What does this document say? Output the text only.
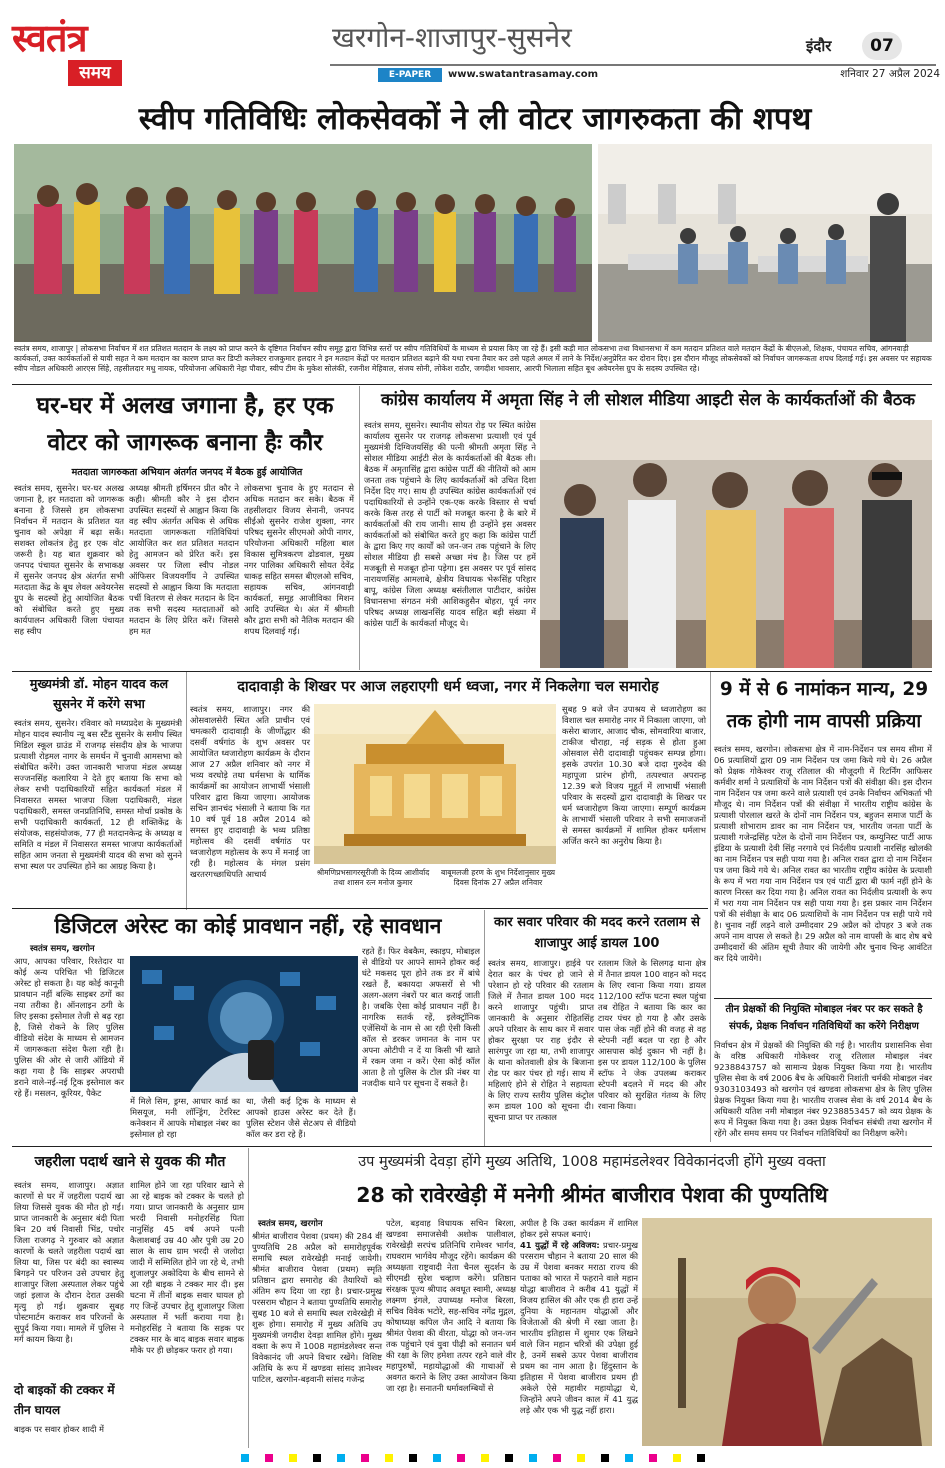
स्वतंत्र
समय
खरगोन-शाजापुर-सुसनेर
E-PAPER	www.swatantrasamay.com
इंदौर	07
शनिवार 27 अप्रैल 2024
स्वीप गतिविधिः लोकसेवकों ने ली वोटर जागरुकता की शपथ
स्वतंत्र समय, शाजापुर | लोकसभा निर्वाचन में शत प्रतिशत मतदान के लक्ष्य को प्राप्त करने के दृष्टिगत निर्वाचन स्वीप समूह द्वारा विभिन्न स्तरों पर स्वीप गतिविधियों के माध्यम से प्रयास किए जा रहे हैं। इसी कड़ी मात लोकसभा तथा विधानसभा में कम मतदान प्रतिशत वाले मतदान केंद्रों के बीएलओ, शिक्षक, पंचायत सचिव, आंगनवाड़ी कार्यकर्ता, उक्त कार्यकर्ताओं से यावी सहत ने कम मतदान का कारण प्राप्त कर डिप्टी कलेक्टर राजकुमार हलदार ने इन मतदान केंद्रों पर मतदान प्रतिशत बढ़ाने की यथा रचना तैयार कर उसे पहले अमल में लाने के निर्देश/अनुप्रेरित कर दोरान दिए। इस दौरान मौजूद लोकसेवकों को निर्वाचन जागरूकता शपथ दिलाई गई। इस अवसर पर सहायक स्वीप नोडल अधिकारी आरएस सिंहे, तहसीलदार मधु नायक, परियोजना अधिकारी नेहा पौवार, स्वीप टीम के मुकेश सोलंकी, रजनीश मेहिवाल, संजय सोनी, लोकेश राठौर, जगदीश भावसार, आरपी भिलाला सहित बूथ अवेयरनेस ग्रुप के सदस्य उपस्थित रहे।
घर-घर में अलख जगाना है, हर एक वोटर को जागरूक बनाना हैः कौर
मतदाता जागरुकता अभियान अंतर्गत जनपद में बैठक हुई आयोजित
स्वतंत्र समय, सुसनेर। घर-घर अलख जगाना है, हर मतदाता को जागरूक बनाना है जिससे हम लोकसभा निर्वाचन में मतदान के प्रतिशत यत चुनाव को अपेक्षा में बढ़ा सकें। सशक्त लोकतंत्र हेतु हर एक वोट जरूरी है। यह बात शुक्रवार को जनपद पंचायत सुसनेर के सभाकक्ष में सुसनेर जनपद क्षेत्र अंतर्गत सभी मतदाता केंद्र के बूथ लेवल अवेयरनेस ग्रुप के सदस्यों हेतु आयोजित बैठक को संबोधित करते हुए मुख्य कार्यपालन अधिकारी जिला पंचायत सह स्वीप
अध्यक्ष श्रीमती हर्षिमरन प्रीत कौर ने कही। श्रीमती कौर ने इस दौरान उपस्थित सदस्यों से आह्वान किया कि वह स्वीप अंतर्गत अधिक से अधिक मतदाता जागरूकता गतिविधियां आयोजित कर शत प्रतिशत मतदान हेतु आमजन को प्रेरित करें। इस अवसर पर जिला स्वीप नोडल ऑफिसर विजयवर्गीय ने उपस्थित सदस्यों से आह्वान किया कि मतदाता पर्ची वितरण से लेकर मतदान के दिन तक सभी सदस्य मतदाताओं को मतदान के लिए प्रेरित करें। जिससे हम मत
लोकसभा चुनाव के हुए मतदान से अधिक मतदान कर सके। बैठक में तहसीलदार विजय सेनानी, जनपद सीईओ सुसनेर राजेश शुक्ला, नगर परिषद सुसनेर सीएमओ ओपी नागर, परियोजना अधिकारी महिला बाल विकास सुमित्रकरण ढोडवाल, मुख्य नगर पालिका अधिकारी सोयत देवेंद्र धाकड़ सहित समस्त बीएलओ सचिव, सहायक सचिव, आंगनवाड़ी कार्यकर्ता, समूह आजीविका मिशन आदि उपस्थित थे। अंत में श्रीमती कौर द्वारा सभी को नैतिक मतदान की शपथ दिलवाई गई।
कांग्रेस कार्यालय में अमृता सिंह ने ली सोशल मीडिया आइटी सेल के कार्यकर्ताओं की बैठक
स्वतंत्र समय, सुसनेर। स्थानीय सोयत रोड़ पर स्थित कांग्रेस कार्यालय सुसनेर पर राजगढ़ लोकसभा प्रत्याशी एवं पूर्व मुख्यमंत्री दिग्विजयसिंह की पत्नी श्रीमती अमृता सिंह ने सोशल मीडिया आईटी सेल के कार्यकर्ताओं की बैठक ली। बैठक में अमृतासिंह द्वारा कांग्रेस पार्टी की नीतियों को आम जनता तक पहुंचाने के लिए कार्यकर्ताओं को उचित दिशा निर्देश दिए गए। साथ ही उपस्थित कांग्रेस कार्यकर्ताओं एवं पदाधिकारियों से उन्होंने एक-एक करके विस्तार से चर्चा करके किस तरह से पार्टी को मजबूत करना है के बारे में कार्यकर्ताओं की राय जानी। साथ ही उन्होंने इस अवसर कार्यकर्ताओं को संबोधित करते हुए कहा कि कांग्रेस पार्टी के द्वारा किए गए कार्यों को जन-जन तक पहुंचाने के लिए सोशल मीडिया ही सबसे अच्छा मंच है। जिस पर हमें मजबूती से मजबूत होना पड़ेगा। इस अवसर पर पूर्व सांसद नारायणसिंह आमलाबे, क्षेत्रीय विधायक भेरूसिंह परिहार बापू, कांग्रेस जिला अध्यक्ष बसंतीलाल पाटीदार, कांग्रेस विधानसभा संगठन मंत्री आशिकहुसैन बोहरा, पूर्व नगर परिषद अध्यक्ष लाखनसिंह यादव सहित बड़ी संख्या में कांग्रेस पार्टी के कार्यकर्ता मौजूद थे।
मुख्यमंत्री डॉ. मोहन यादव कल सुसनेर में करेंगे सभा
स्वतंत्र समय, सुसनेर। रविवार को मध्यप्रदेश के मुख्यमंत्री मोहन यादव स्थानीय न्यू बस स्टैंड सुसनेर के समीप स्थित मिडिल स्कूल ग्राउंड में राजगढ़ संसदीय क्षेत्र के भाजपा प्रत्याशी रोड़मल नागर के समर्थन में चुनावी आमसभा को संबोधित करेंगे। उक्त जानकारी भाजपा मंडल अध्यक्ष सज्जनसिंह कलारिया ने देते हुए बताया कि सभा को लेकर सभी पदाधिकारियों सहित कार्यकर्ता मंडल में निवासरत समस्त भाजपा जिला पदाधिकारी, मंडल पदाधिकारी, समस्त जनप्रतिनिधि, समस्त मोर्चा प्रकोष्ठ के सभी पदाधिकारी कार्यकर्ता, 12 ही शक्तिकेंद्र के संयोजक, सहसंयोजक, 77 ही मतदानकेन्द्र के अध्यक्ष व समिति व मंडल में निवासरत समस्त भाजपा कार्यकर्ताओं सहित आम जनता से मुख्यमंत्री यादव की सभा को सुनने सभा स्थल पर उपस्थित होने का आग्रह किया है।
दादावाड़ी के शिखर पर आज लहराएगी धर्म ध्वजा, नगर में निकलेगा चल समारोह
स्वतंत्र समय, शाजापुर। नगर की ओसवालसेरी स्थित अति प्राचीन एवं चमत्कारी दादावाड़ी के जीर्णोद्धार की दसवीं वर्षगांठ के शुभ अवसर पर आयोजित ध्वजारोहण कार्यक्रम के दौरान आज 27 अप्रैल शनिवार को नगर में भव्य वरघोड़े तथा धर्मसभा के धार्मिक कार्यक्रमों का आयोजन लाभार्थी भंसाली परिवार द्वारा किया जाएगा। आयोजक सचिन ज्ञानचंद भंसाली ने बताया कि गत 10 वर्ष पूर्व 18 अप्रैल 2014 को समस्त हुए दादावाड़ी के भव्य प्रतिष्ठा महोत्सव की दसवीं वर्षगांठ पर ध्वजारोहण महोत्सव के रूप में मनाई जा रही है। महोत्सव के मंगल प्रसंग खरतरगच्छाधिपति आचार्य	श्रीमणिप्रभसागरसूरीजी के दिव्य आशीर्वाद तथा शासन रत्न मनोज कुमार
बाबूमलजी हरण के शुभ निर्देशानुसार मुख्य दिवस दिनांक 27 अप्रैल शनिवार
सुबह 9 बजे जैन उपाश्रय से ध्वजारोहण का विशाल चल समारोह नगर में निकाला जाएगा, जो कसेरा बाजार, आजाद चौक, सोमवारिया बाजार, टाकीज चौराहा, नई सड़क से होता हुआ ओसवाल सेरी दादावाड़ी पहुंचकर सम्पन्न होगा। इसके उपरांत 10.30 बजे दादा गुरुदेव की महापूजा प्रारंभ होगी, तत्पश्चात अपरान्ह 12.39 बजे विजय मुहूर्त में लाभार्थी भंसाली परिवार के सदस्यों द्वारा दादावाड़ी के शिखर पर धर्म ध्वजारोहण किया जाएगा। सम्पूर्ण कार्यक्रम के लाभार्थी भंसाली परिवार ने सभी समाजजनों से समस्त कार्यक्रमों में शामिल होकर धर्मलाभ अर्जित करने का अनुरोध किया है।
9 में से 6 नामांकन मान्य, 29 तक होगी नाम वापसी प्रक्रिया
स्वतंत्र समय, खरगोन। लोकसभा क्षेत्र में नाम-निर्देशन पत्र समय सीमा में 06 प्रत्याशियों द्वारा 09 नाम निर्देशन पत्र जमा किये गये थे। 26 अप्रैल को प्रेक्षक गोकेश्वर राजू रतिलाल की मौजूदगी में रिटर्निंग आफिसर कर्मवीर शर्मा ने प्रत्याशियों के नाम निर्देशन पत्रों की संवीक्षा की। इस दौरान नाम निर्देशन पत्र जमा करने वाले प्रत्याशी एवं उनके निर्वाचन अभिकर्ता भी मौजूद थे। नाम निर्देशन पत्रों की संवीक्षा में भारतीय राष्ट्रीय कांग्रेस के प्रत्याशी पोरलाल खरते के दोनों नाम निर्देशन पत्र, बहुजन समाज पार्टी के प्रत्याशी शोभाराम डावर का नाम निर्देशन पत्र, भारतीय जनता पार्टी के प्रत्याशी गजेन्द्रसिंह पटेल के दोनों नाम निर्देशन पत्र, कम्युनिस्ट पार्टी आफ इंडिया के प्रत्याशी देवी सिंह नरगावे एवं निर्दलीय प्रत्याशी नारसिंह खोलकी का नाम निर्देशन पत्र सही पाया गया है। अनिल रावत द्वारा दो नाम निर्देशन पत्र जमा किये गये थे। अनिल रावत का भारतीय राष्ट्रीय कांग्रेस के प्रत्याशी के रूप में भरा गया नाम निर्देशन पत्र एवं पार्टी द्वारा बी फार्म नहीं होने के कारण निरस्त कर दिया गया है। अनिल रावत का निर्दलीय प्रत्याशी के रूप में भरा गया नाम निर्देशन पत्र सही पाया गया है। इस प्रकार नाम निर्देशन पत्रों की संवीक्षा के बाद 06 प्रत्याशियों के नाम निर्देशन पत्र सही पाये गये है। चुनाव नहीं लड़ने वाले उम्मीदवार 29 अप्रैल को दोपहर 3 बजे तक अपने नाम वापस ले सकते है। 29 अप्रैल को नाम वापसी के बाद शेष बचे उम्मीदवारों की अंतिम सूची तैयार की जायेगी और चुनाव चिन्ह आवंटित कर दिये जायेंगे।
तीन प्रेक्षकों की नियुक्ति मोबाइल नंबर पर कर सकते है संपर्क, प्रेक्षक निर्वाचन गतिविधियों का करेंगे निरीक्षण
निर्वाचन क्षेत्र में प्रेक्षकों की नियुक्ति की गई है। भारतीय प्रशासनिक सेवा के वरिष्ठ अधिकारी गोकेश्वर राजू रतिलाल मोबाइल नंबर 9238843757 को सामान्य प्रेक्षक नियुक्त किया गया है। भारतीय पुलिस सेवा के वर्ष 2006 बैच के अधिकारी निशांती चर्मकी मोबाइल नंबर 9303103493 को खरगोन एवं खण्डवा लोकसभा क्षेत्र के लिए पुलिस प्रेक्षक नियुक्त किया गया है। भारतीय राजस्व सेवा के वर्ष 2014 बैच के अधिकारी यतिश नमी मोबाइल नंबर 9238853457 को व्यय प्रेक्षक के रूप में नियुक्त किया गया है। उक्त प्रेक्षक निर्वाचन संबंधी तथा खरगोन में रहेंगे और समय समय पर निर्वाचन गतिविधियों का निरीक्षण करेंगे।
डिजिटल अरेस्ट का कोई प्रावधान नहीं, रहे सावधान
स्वतंत्र समय, खरगोन
आप, आपका परिवार, रिश्तेदार या कोई अन्य परिचित भी डिजिटल अरेस्ट हो सकता है। यह कोई कानूनी प्रावधान नहीं बल्कि साइबर ठगों का नया तरीका है। ऑनलाइन ठगी के लिए इसका इस्तेमाल तेजी से बढ़ रहा है, जिसे रोकने के लिए पुलिस वीडियो संदेश के माध्यम से आमजन में जागरूकता संदेश फैला रही है। पुलिस की ओर से जारी ऑडियो में कहा गया है कि साइबर अपराधी डराने वाले-नई-नई ट्रिक इस्तेमाल कर रहे हैं। मसलन, कूरियर, पैकेट
में मिले सिम, ड्रग्स, आधार कार्ड का मिसयूज, मनी लॉन्ड्रिंग, टेररिस्ट कनेक्शन में आपके मोबाइल नंबर का इस्तेमाल हो रहा
था, जैसी कई ट्रिक के माध्यम से आपको हाउस अरेस्ट कर देते हैं। पुलिस स्टेशन जैसे सेटअप से वीडियो कॉल कर डरा रहे हैं।
रहते हैं। फिर वेबकैम, स्काइप, मोबाइल से वीडियो पर आपने सामने होकर कई घंटे मकसद पूरा होने तक डर में बांधे रखते हैं, बकायदा अफसरों से भी अलग-अलग नंबरों पर बात कराई जाती है। जबकि ऐसा कोई प्रावधान नहीं है। नागरिक सतर्क रहें, इलेक्ट्रॉनिक एजेंसियों के नाम से आ रही ऐसी किसी कॉल से डरकर जमानत के नाम पर अपना ओटीपी न दें या किसी भी खाते में रकम जमा न करें। ऐसा कोई कॉल आता है तो पुलिस के टोल फ्री नंबर या नजदीक थाने पर सूचना दें सकते है।
कार सवार परिवार की मदद करने रतलाम से शाजापुर आई डायल 100
स्वतंत्र समय, शाजापुर। हाईवे पर देरात कार के पंचर हो जाने से परेशान हो रहे परिवार की रतलाम जिले में तैनात डायल 100 मदद करने शाजापुर पहुंची। प्राप्त जानकारी के अनुसार रोहितसिंह अपने परिवार के साथ कार में सवार होकर सुरक्षा पर राह इंदौर से सारंगपुर जा रहा था, तभी शाजापुर के थाना कोतवाली क्षेत्र के बिजाना रोड पर कार पंचर हो गई। साथ में महिलाएं होने से रोहित ने सहायता के लिए राज्य स्तरीय पुलिस कंट्रोल रूम डायल 100 को सूचना दी। सूचना प्राप्त पर तत्काल
रतलाम जिले के सिलगढ़ थाना क्षेत्र में तैनात डायल 100 वाहन को मदद के लिए रवाना किया गया। डायल 112/100 स्टॉफ घटना स्थल पहुंचा तब रोहित ने बताया कि कार का टायर पंचर हो गया है और उसके पास जेक नहीं होने की वजह से वह स्टेपनी नहीं बदल पा रहा है और आसपास कोई दुकान भी नहीं है। इस पर डायल 112/100 के पुलिस स्टॉफ ने जेक उपलब्ध कराकर स्टेपनी बदलने में मदद की और परिवार को सुरक्षित गंतव्य के लिए रवाना किया।
जहरीला पदार्थ खाने से युवक की मौत
स्वतंत्र समय, शाजापुर। अज्ञात कारणों से घर में जहरीला पदार्थ खा लिया जिससे युवक की मौत हो गई। प्राप्त जानकारी के अनुसार बंदी पिता बिन 20 वर्ष निवासी भिंड, पचोर जिला राजगढ़ ने गुरुवार को अज्ञात कारणों के चलते जहरीला पदार्थ खा लिया था, जिस पर बंदी का स्वास्थ्य बिगड़ने पर परिजन उसे उपचार हेतु शाजापुर जिला अस्पताल लेकर पहुंचे जहां इलाज के दौरान देरात उसकी मृत्यु हो गई। शुक्रवार सुबह पोस्टमार्टम कराकर शव परिजनों के सुपुर्द किया गया। मामले में पुलिस ने मर्ग कायम किया है।
दो बाइकों की टक्कर में तीन घायल
बाइक पर सवार होकर शादी में
शामिल होने जा रहा परिवार खाने से आ रहे बाइक को टक्कर के चलते हो गया। प्राप्त जानकारी के अनुसार ग्राम भरदी निवासी मनोहरसिंह पिता नानुसिंह 45 वर्ष अपने पत्नी कैलाशबाई उम्र 40 और पुत्री उम्र 20 साल के साथ ग्राम भरदी से जलोदा जादी में सम्मिलित होने जा रहे थे, तभी शुजालपुर अकोदिया के बीच सामने से आ रही बाइक ने टक्कर मार दी। इस घटना में तीनों बाइक सवार घायल हो गए जिन्हें उपचार हेतु शुजालपुर जिला अस्पताल में भर्ती कराया गया है। मनोहरसिंह ने बताया कि सड़क पर टक्कर मार के बाद बाइक सवार बाइक मौके पर ही छोड़कर फरार हो गया।
उप मुख्यमंत्री देवड़ा होंगे मुख्य अतिथि, 1008 महामंडलेश्वर विवेकानंदजी होंगे मुख्य वक्ता
28 को रावेरखेड़ी में मनेगी श्रीमंत बाजीराव पेशवा की पुण्यतिथि
स्वतंत्र समय, खरगोन
श्रीमंत बाजीराव पेशवा (प्रथम) की 284 वीं पुण्यतिथि 28 अप्रैल को समारोहपूर्वक समाधि स्थल रावेरखेड़ी मनाई जायेगी। श्रीमंत बाजीराव पेशवा (प्रथम) स्मृति प्रतिष्ठान द्वारा समारोह की तैयारियों को अंतिम रूप दिया जा रहा है। प्रचार-प्रमुख परसराम चौहान ने बताया पुण्यतिथि समारोह सुबह 10 बजे से समाधि स्थल रावेरखेड़ी में शुरू होगा। समारोह में मुख्य अतिथि उप मुख्यमंत्री जगदीश देवड़ा शामिल होंगे। मुख्य वक्ता के रूप में 1008 महामंडलेश्वर सन्त विवेकानंद जी अपने विचार रखेंगे। विशिष्ट अतिथि के रूप में खण्डवा सांसद ज्ञानेश्वर पाटिल, खरगोन-बड़वानी सांसद गजेन्द्र
पटेल, बड़वाह विधायक सचिन बिरला, खण्डवा समाजसेवी अशोक पालीवाल, रावेरखेड़ी सरपंच प्रतिनिधि रामेश्वर भार्गव, राघवराम भार्गवेय मौजूद रहेंगे। कार्यक्रम की अध्यक्षता राष्ट्रवादी नेता चैनल सुदर्शन के सीएमडी सुरेश चव्हाण करेंगे। प्रतिष्ठान संरक्षक पूज्य श्रीपाद अवधूत स्वामी, अध्यक्ष लक्ष्मण इंगले, उपाध्यक्ष मनोज बिरला, सचिव विवेक भटोरे, सह-सचिव नगेंद्र मुद्गल, कोषाध्यक्ष कपिल जैन आदि ने बताया कि श्रीमंत पेशवा की वीरता, योद्धा को जन-जन तक पहुंचाने एवं युवा पीढ़ी को सनातन धर्म की रक्षा के लिए हमेशा तत्पर रहने वाले वीर महापुरुषों, महायोद्धाओं की गाथाओं से अवगत कराने के लिए उक्त आयोजन किया जा रहा है। सनातनी धर्मावलम्बियों से
अपील है कि उक्त कार्यक्रम में शामिल होकर इसे सफल बनाएं।
41 युद्धों में रहे अविजय: प्रचार-प्रमुख परसराम चौहान ने बताया 20 साल की उम्र में पेशवा बनकर मराठा राज्य की पताका को भारत में फहराने वाले महान योद्धा बाजीराव ने करीब 41 युद्धों में विजय हासिल की और एक ही हारा उन्हें दुनिया के महानतम योद्धाओं और विजेताओं की श्रेणी में रखा जाता है। भारतीय इतिहास में शुमार एक लिखने वाले जिन महान चरित्रों की उपेक्षा हुई है, उनमें सबसे ऊपर पेशवा बाजीराव प्रथम का नाम आता है। हिंदुस्तान के इतिहास में पेशवा बाजीराव प्रथम ही अकेले ऐसे महावीर महायोद्धा थे, जिन्होंने अपने जीवन काल में 41 युद्ध लड़े और एक भी युद्ध नहीं हारा।
